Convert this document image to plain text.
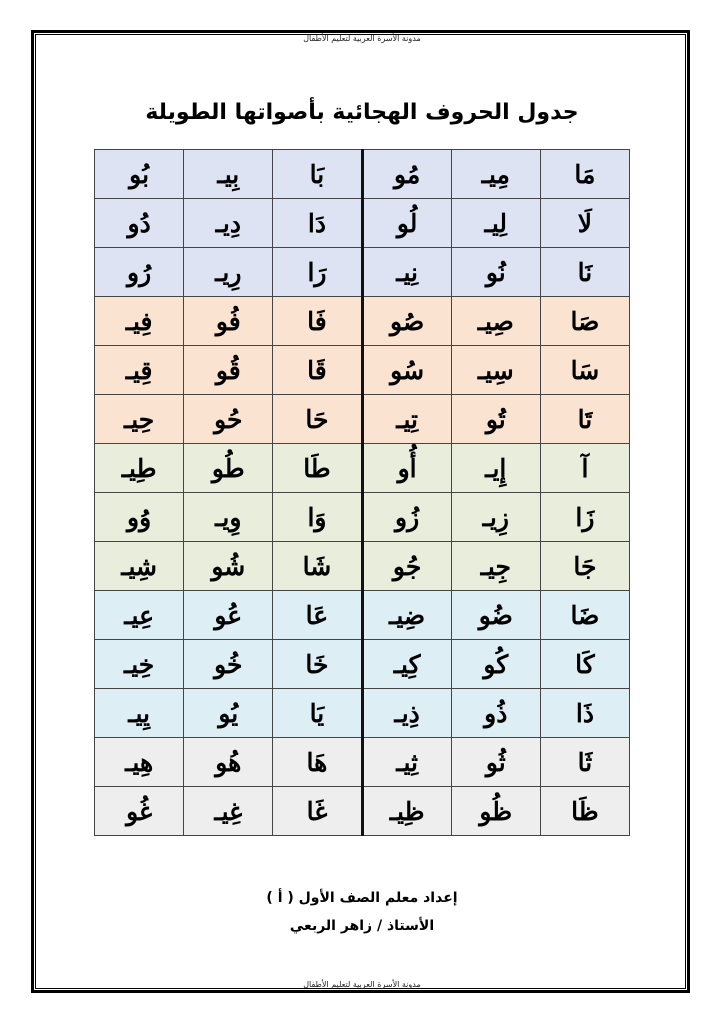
مدونة الأسرة العربية لتعليم الأطفال
جدول الحروف الهجائية بأصواتها الطويلة
مَا	مِيـ	مُو	بَا	بِيـ	بُو
لَا	لِيـ	لُو	دَا	دِيـ	دُو
نَا	نُو	نِيـ	رَا	رِيـ	رُو
صَا	صِيـ	صُو	فَا	فُو	فِيـ
سَا	سِيـ	سُو	قَا	قُو	قِيـ
تَا	تُو	تِيـ	حَا	حُو	حِيـ
آ	إِيـ	أُو	طَا	طُو	طِيـ
زَا	زِيـ	زُو	وَا	وِيـ	وُو
جَا	جِيـ	جُو	شَا	شُو	شِيـ
ضَا	ضُو	ضِيـ	عَا	عُو	عِيـ
كَا	كُو	كِيـ	خَا	خُو	خِيـ
ذَا	ذُو	ذِيـ	يَا	يُو	يِيـ
ثَا	ثُو	ثِيـ	هَا	هُو	هِيـ
ظَا	ظُو	ظِيـ	غَا	غِيـ	غُو
إعداد معلم الصف الأول ( أ )
الأستاذ / زاهر الربعي
مدونة الأسرة العربية لتعليم الأطفال
